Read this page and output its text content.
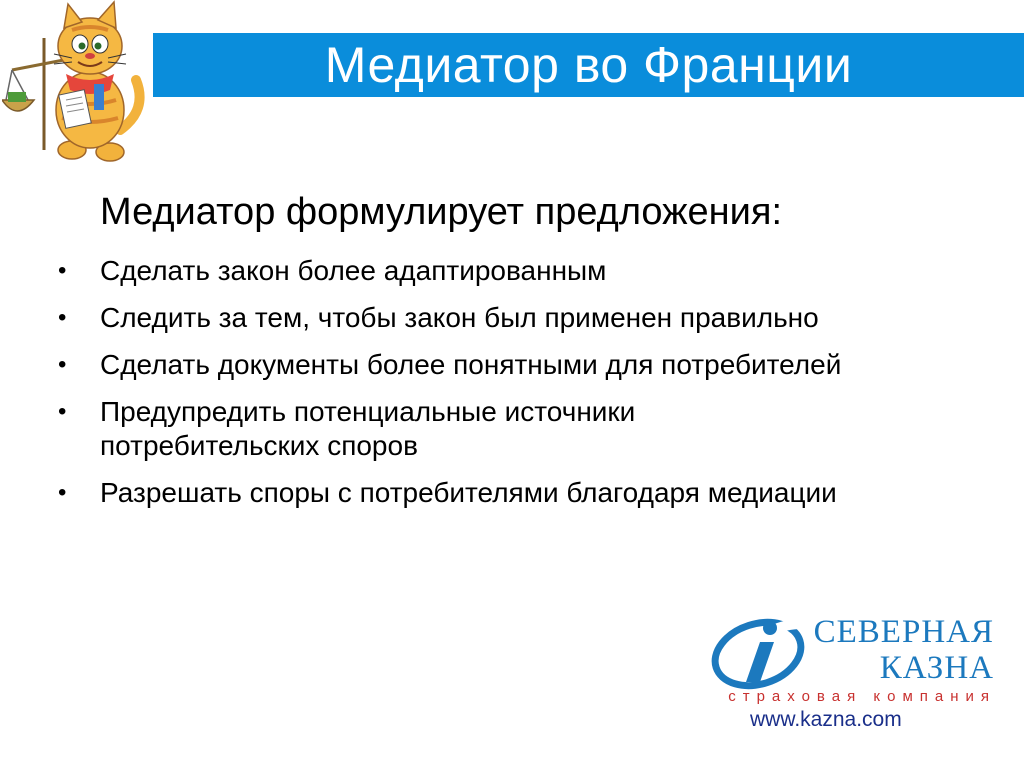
Медиатор во Франции
Медиатор формулирует предложения:
•	Сделать закон более адаптированным
•	Следить за тем, чтобы закон был применен правильно
•	Сделать документы более понятными для потребителей
•	Предупредить потенциальные источники потребительских споров
•	Разрешать споры с потребителями благодаря медиации
СЕВЕРНАЯ
КАЗНА
страховая компания
www.kazna.com
